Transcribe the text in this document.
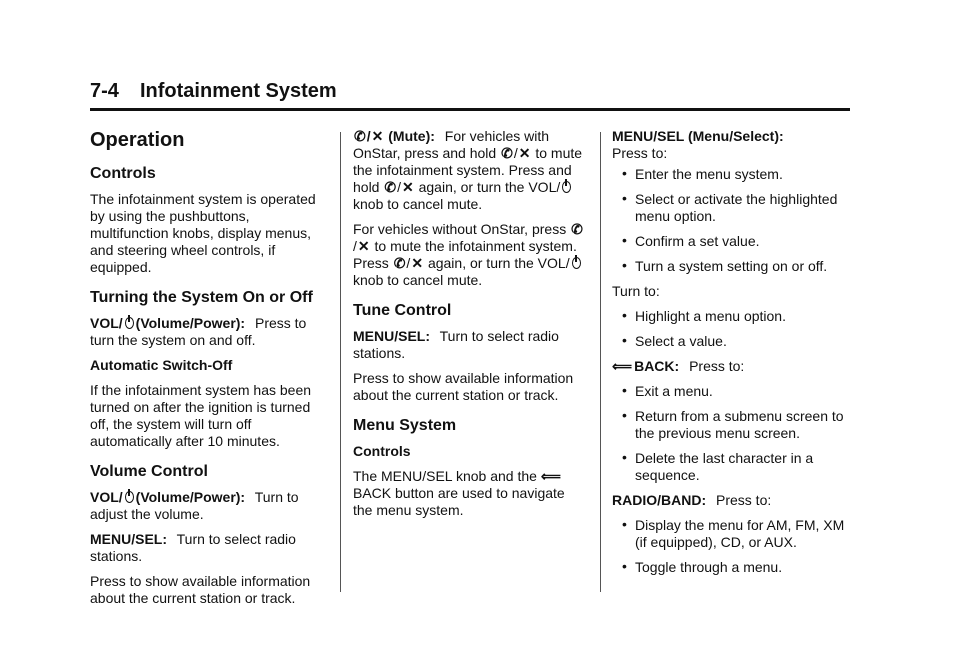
7-4	Infotainment System
Operation
Controls

The infotainment system is operated by using the pushbuttons, multifunction knobs, display menus, and steering wheel controls, if equipped.

Turning the System On or Off

VOL/ (Volume/Power): Press to turn the system on and off.

Automatic Switch-Off

If the infotainment system has been turned on after the ignition is turned off, the system will turn off automatically after 10 minutes.

Volume Control

VOL/ (Volume/Power): Turn to adjust the volume.

MENU/SEL: Turn to select radio stations.

Press to show available information about the current station or track.

✆/✕ (Mute): For vehicles with OnStar, press and hold ✆/✕ to mute the infotainment system. Press and hold ✆/✕ again, or turn the VOL/ knob to cancel mute.

For vehicles without OnStar, press ✆/✕ to mute the infotainment system. Press ✆/✕ again, or turn the VOL/ knob to cancel mute.

Tune Control

MENU/SEL: Turn to select radio stations.

Press to show available information about the current station or track.

Menu System

Controls

The MENU/SEL knob and the ⟸ BACK button are used to navigate the menu system.

MENU/SEL (Menu/Select):
Press to:

• Enter the menu system.
• Select or activate the highlighted menu option.
• Confirm a set value.
• Turn a system setting on or off.

Turn to:

• Highlight a menu option.
• Select a value.

⟸ BACK: Press to:

• Exit a menu.
• Return from a submenu screen to the previous menu screen.
• Delete the last character in a sequence.

RADIO/BAND: Press to:

• Display the menu for AM, FM, XM (if equipped), CD, or AUX.
• Toggle through a menu.
